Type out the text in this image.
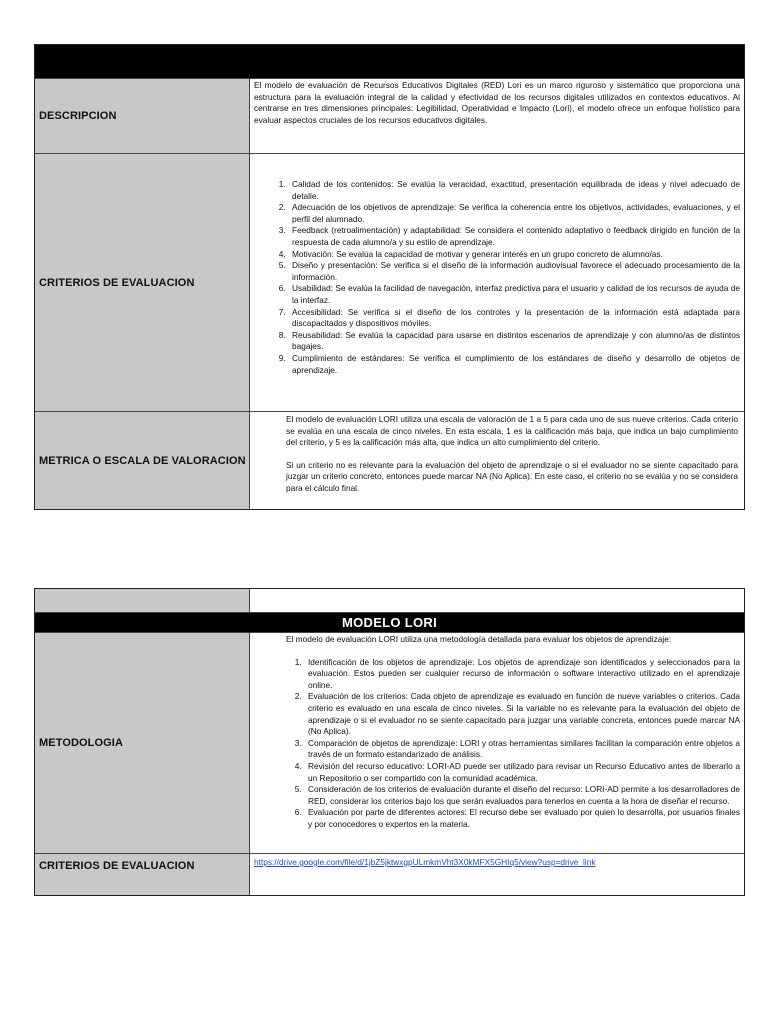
DESCRIPCION
El modelo de evaluación de Recursos Educativos Digitales (RED) Lori es un marco riguroso y sistemático que proporciona una estructura para la evaluación integral de la calidad y efectividad de los recursos digitales utilizados en contextos educativos. Al centrarse en tres dimensiones principales: Legibilidad, Operatividad e Impacto (Lori), el modelo ofrece un enfoque holístico para evaluar aspectos cruciales de los recursos educativos digitales.
CRITERIOS DE EVALUACION
1. Calidad de los contenidos: Se evalúa la veracidad, exactitud, presentación equilibrada de ideas y nivel adecuado de detalle.
2. Adecuación de los objetivos de aprendizaje: Se verifica la coherencia entre los objetivos, actividades, evaluaciones, y el perfil del alumnado.
3. Feedback (retroalimentación) y adaptabilidad: Se considera el contenido adaptativo o feedback dirigido en función de la respuesta de cada alumno/a y su estilo de aprendizaje.
4. Motivación: Se evalúa la capacidad de motivar y generar interés en un grupo concreto de alumno/as.
5. Diseño y presentación: Se verifica si el diseño de la información audiovisual favorece el adecuado procesamiento de la información.
6. Usabilidad: Se evalúa la facilidad de navegación, interfaz predictiva para el usuario y calidad de los recursos de ayuda de la interfaz.
7. Accesibilidad: Se verifica si el diseño de los controles y la presentación de la información está adaptada para discapacitados y dispositivos móviles.
8. Reusabilidad: Se evalúa la capacidad para usarse en distintos escenarios de aprendizaje y con alumno/as de distintos bagajes.
9. Cumplimiento de estándares: Se verifica el cumplimiento de los estándares de diseño y desarrollo de objetos de aprendizaje.
METRICA O ESCALA DE VALORACION

El modelo de evaluación LORI utiliza una escala de valoración de 1 a 5 para cada uno de sus nueve criterios. Cada criterio se evalúa en una escala de cinco niveles. En esta escala, 1 es la calificación más baja, que indica un bajo cumplimiento del criterio, y 5 es la calificación más alta, que indica un alto cumplimiento del criterio.

Si un criterio no es relevante para la evaluación del objeto de aprendizaje o si el evaluador no se siente capacitado para juzgar un criterio concreto, entonces puede marcar NA (No Aplica). En este caso, el criterio no se evalúa y no se considera para el cálculo final.

MODELO LORI
METODOLOGIA

El modelo de evaluación LORI utiliza una metodología detallada para evaluar los objetos de aprendizaje:

1. Identificación de los objetos de aprendizaje: Los objetos de aprendizaje son identificados y seleccionados para la evaluación. Estos pueden ser cualquier recurso de información o software interactivo utilizado en el aprendizaje online.
2. Evaluación de los criterios: Cada objeto de aprendizaje es evaluado en función de nueve variables o criterios. Cada criterio es evaluado en una escala de cinco niveles. Si la variable no es relevante para la evaluación del objeto de aprendizaje o si el evaluador no se siente capacitado para juzgar una variable concreta, entonces puede marcar NA (No Aplica).
3. Comparación de objetos de aprendizaje: LORI y otras herramientas similares facilitan la comparación entre objetos a través de un formato estandarizado de análisis.
4. Revisión del recurso educativo: LORI-AD puede ser utilizado para revisar un Recurso Educativo antes de liberarlo a un Repositorio o ser compartido con la comunidad académica.
5. Consideración de los criterios de evaluación durante el diseño del recurso: LORI-AD permite a los desarrolladores de RED, considerar los criterios bajo los que serán evaluados para tenerlos en cuenta a la hora de diseñar el recurso.
6. Evaluación por parte de diferentes actores: El recurso debe ser evaluado por quien lo desarrolla, por usuarios finales y por conocedores o expertos en la materia.
CRITERIOS DE EVALUACION	https://drive.google.com/file/d/1jbZ5jktwxgpULmkmVht3X0kMFX5GHIq5/view?usp=drive_link
